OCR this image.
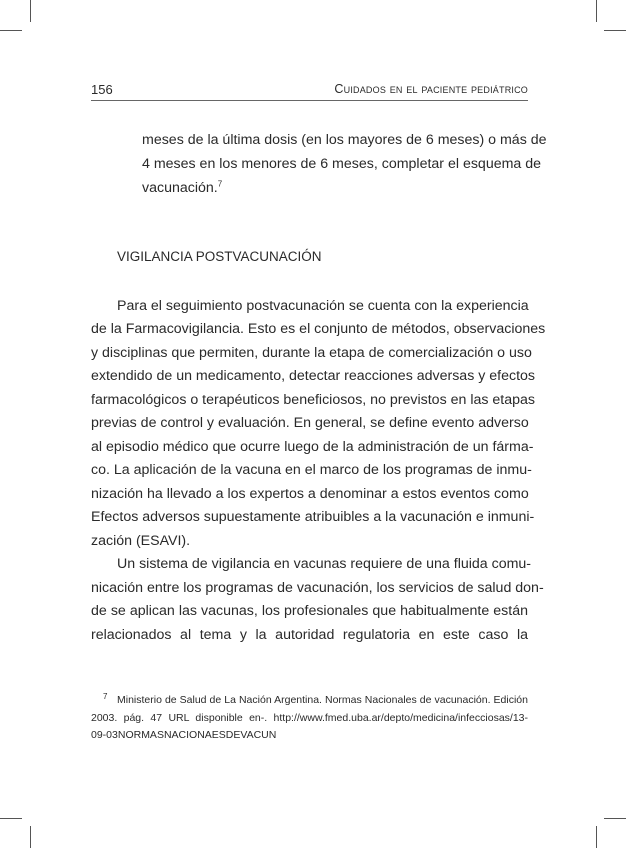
156	Cuidados en el paciente pediátrico
meses de la última dosis (en los mayores de 6 meses) o más de
4 meses en los menores de 6 meses, completar el esquema de
vacunación.$^7$
VIGILANCIA POSTVACUNACIÓN
Para el seguimiento postvacunación se cuenta con la experiencia
de la Farmacovigilancia. Esto es el conjunto de métodos, observaciones
y disciplinas que permiten, durante la etapa de comercialización o uso
extendido de un medicamento, detectar reacciones adversas y efectos
farmacológicos o terapéuticos beneficiosos, no previstos en las etapas
previas de control y evaluación. En general, se define evento adverso
al episodio médico que ocurre luego de la administración de un fárma-
co. La aplicación de la vacuna en el marco de los programas de inmu-
nización ha llevado a los expertos a denominar a estos eventos como
Efectos adversos supuestamente atribuibles a la vacunación e inmuni-
zación (ESAVI).
Un sistema de vigilancia en vacunas requiere de una fluida comu-
nicación entre los programas de vacunación, los servicios de salud don-
de se aplican las vacunas, los profesionales que habitualmente están
relacionados al tema y la autoridad regulatoria en este caso la
7 Ministerio de Salud de La Nación Argentina. Normas Nacionales de vacunación. Edición
2003. pág. 47 URL disponible en-. http://www.fmed.uba.ar/depto/medicina/infecciosas/13-
09-03NORMASNACIONAESDEVACUN
